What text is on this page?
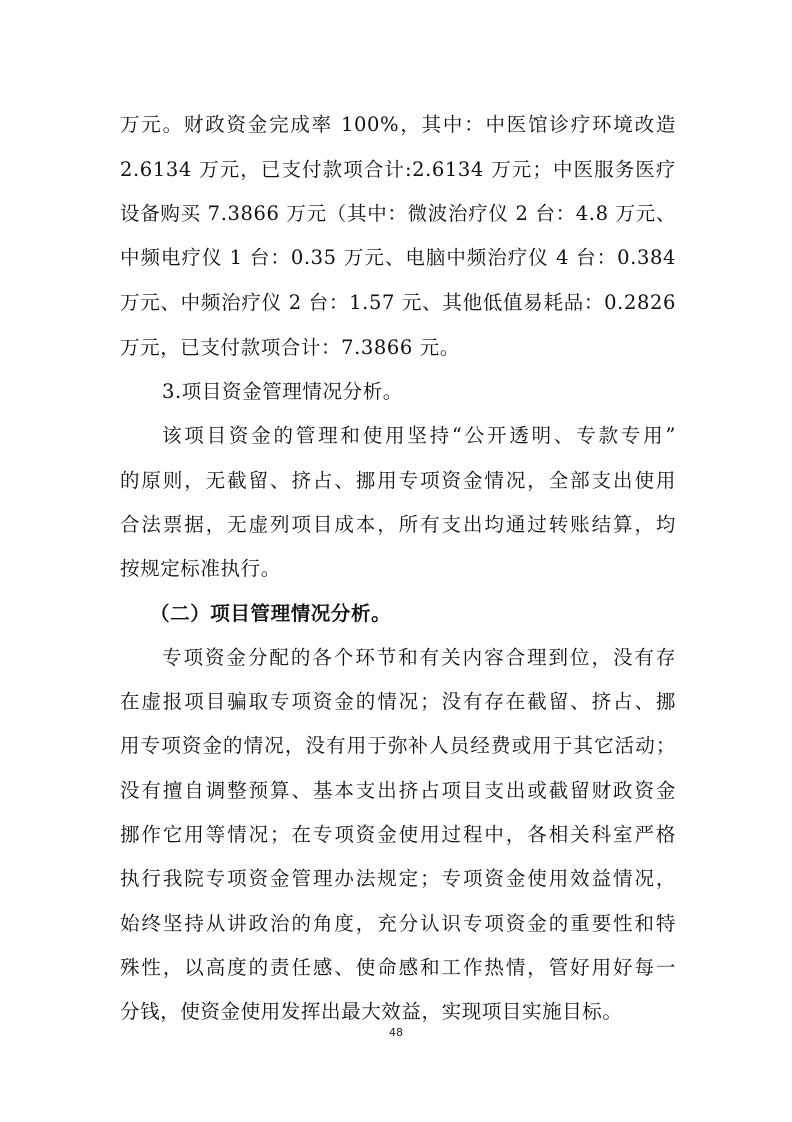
万元。财政资金完成率 100%，其中：中医馆诊疗环境改造
2.6134 万元，已支付款项合计:2.6134 万元；中医服务医疗
设备购买 7.3866 万元（其中：微波治疗仪 2 台：4.8 万元、
中频电疗仪 1 台：0.35 万元、电脑中频治疗仪 4 台：0.384
万元、中频治疗仪 2 台：1.57 元、其他低值易耗品：0.2826
万元，已支付款项合计：7.3866 元。
3.项目资金管理情况分析。
该项目资金的管理和使用坚持“公开透明、专款专用”
的原则，无截留、挤占、挪用专项资金情况，全部支出使用
合法票据，无虚列项目成本，所有支出均通过转账结算，均
按规定标准执行。
（二）项目管理情况分析。
专项资金分配的各个环节和有关内容合理到位，没有存
在虚报项目骗取专项资金的情况；没有存在截留、挤占、挪
用专项资金的情况，没有用于弥补人员经费或用于其它活动；
没有擅自调整预算、基本支出挤占项目支出或截留财政资金
挪作它用等情况；在专项资金使用过程中，各相关科室严格
执行我院专项资金管理办法规定；专项资金使用效益情况，
始终坚持从讲政治的角度，充分认识专项资金的重要性和特
殊性，以高度的责任感、使命感和工作热情，管好用好每一
分钱，使资金使用发挥出最大效益，实现项目实施目标。
48
